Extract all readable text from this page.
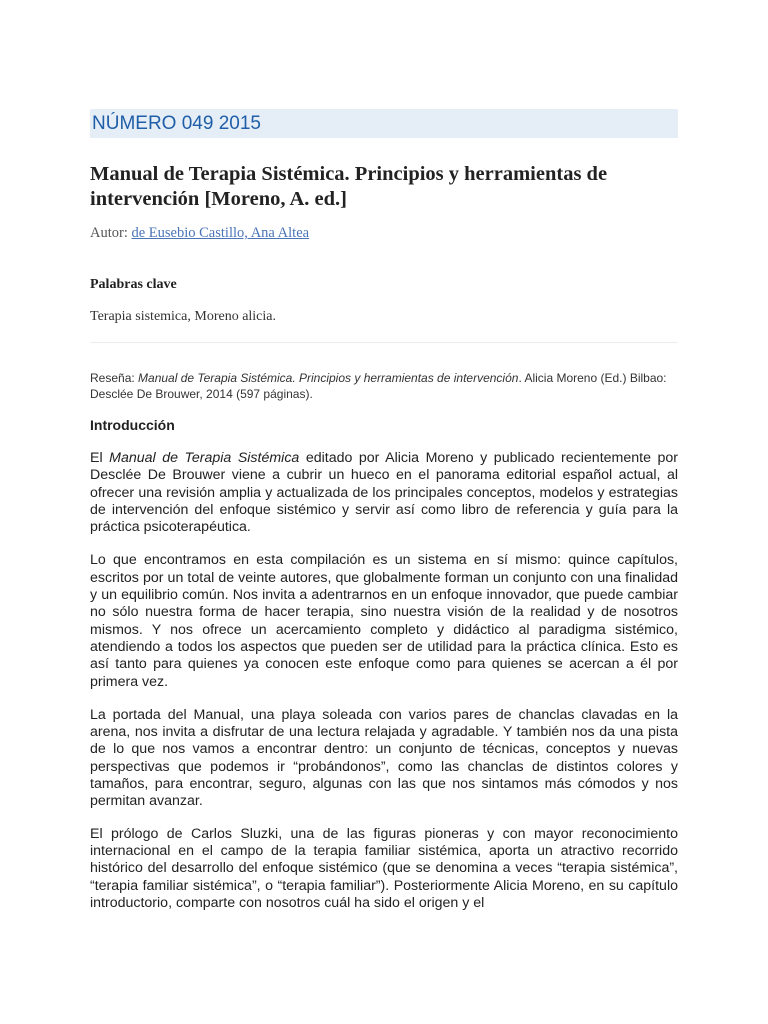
NÚMERO 049 2015
Manual de Terapia Sistémica. Principios y herramientas de intervención [Moreno, A. ed.]
Autor: de Eusebio Castillo, Ana Altea
Palabras clave
Terapia sistemica, Moreno alicia.
Reseña: Manual de Terapia Sistémica. Principios y herramientas de intervención. Alicia Moreno (Ed.) Bilbao: Desclée De Brouwer, 2014 (597 páginas).
Introducción

El Manual de Terapia Sistémica editado por Alicia Moreno y publicado recientemente por Desclée De Brouwer viene a cubrir un hueco en el panorama editorial español actual, al ofrecer una revisión amplia y actualizada de los principales conceptos, modelos y estrategias de intervención del enfoque sistémico y servir así como libro de referencia y guía para la práctica psicoterapéutica.

Lo que encontramos en esta compilación es un sistema en sí mismo: quince capítulos, escritos por un total de veinte autores, que globalmente forman un conjunto con una finalidad y un equilibrio común. Nos invita a adentrarnos en un enfoque innovador, que puede cambiar no sólo nuestra forma de hacer terapia, sino nuestra visión de la realidad y de nosotros mismos. Y nos ofrece un acercamiento completo y didáctico al paradigma sistémico, atendiendo a todos los aspectos que pueden ser de utilidad para la práctica clínica. Esto es así tanto para quienes ya conocen este enfoque como para quienes se acercan a él por primera vez.

La portada del Manual, una playa soleada con varios pares de chanclas clavadas en la arena, nos invita a disfrutar de una lectura relajada y agradable. Y también nos da una pista de lo que nos vamos a encontrar dentro: un conjunto de técnicas, conceptos y nuevas perspectivas que podemos ir “probándonos”, como las chanclas de distintos colores y tamaños, para encontrar, seguro, algunas con las que nos sintamos más cómodos y nos permitan avanzar.

El prólogo de Carlos Sluzki, una de las figuras pioneras y con mayor reconocimiento internacional en el campo de la terapia familiar sistémica, aporta un atractivo recorrido histórico del desarrollo del enfoque sistémico (que se denomina a veces “terapia sistémica”, “terapia familiar sistémica”, o “terapia familiar”). Posteriormente Alicia Moreno, en su capítulo introductorio, comparte con nosotros cuál ha sido el origen y el
